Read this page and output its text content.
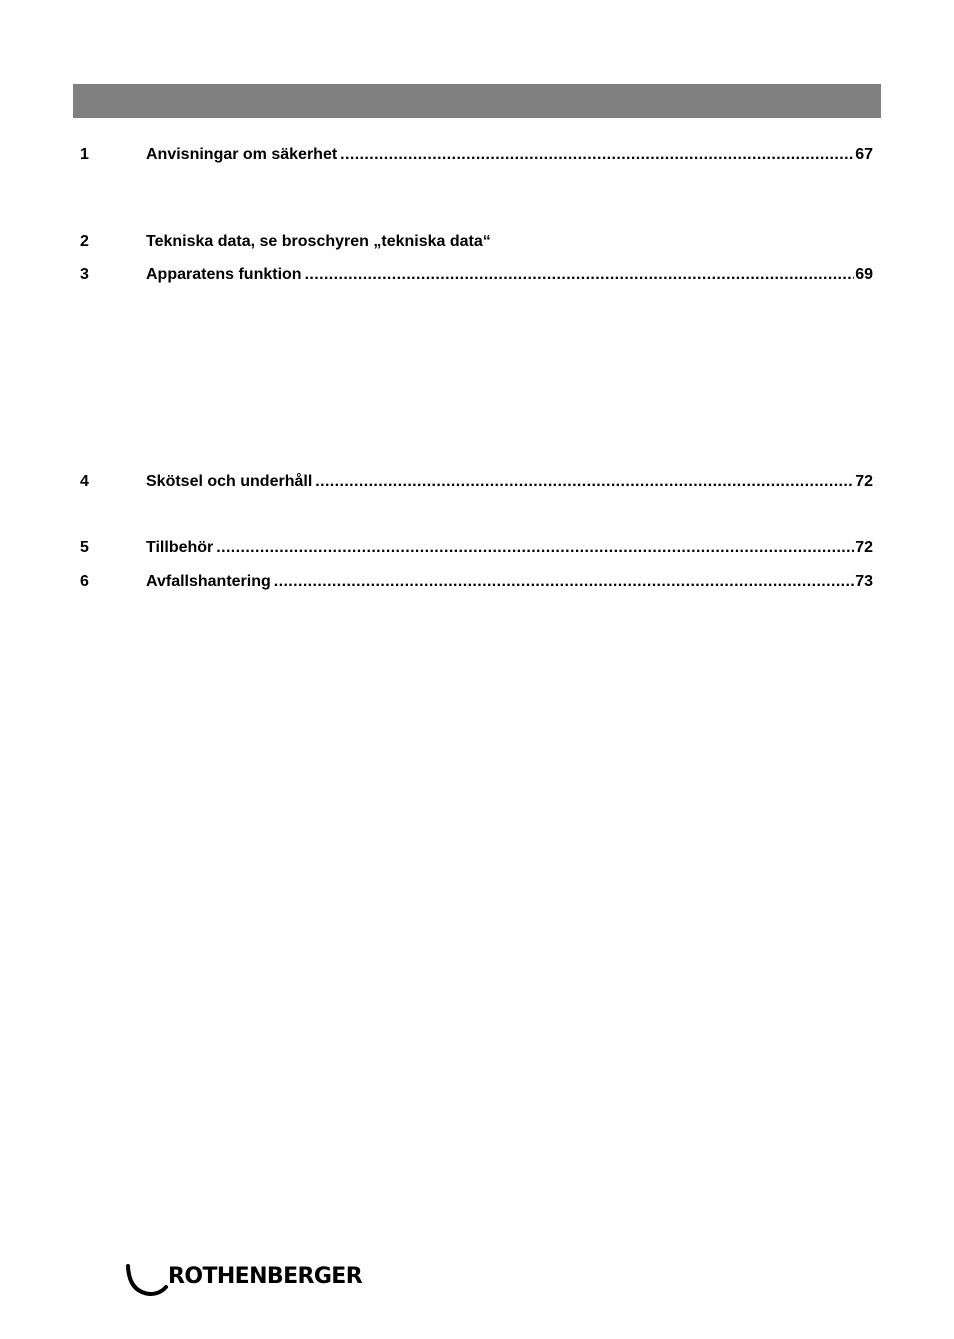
1	Anvisningar om säkerhet .....	67
2	Tekniska data, se broschyren „tekniska data“
3	Apparatens funktion .....	69
4	Skötsel och underhåll .....	72
5	Tillbehör .....	72
6	Avfallshantering .....	73
ROTHENBERGER
